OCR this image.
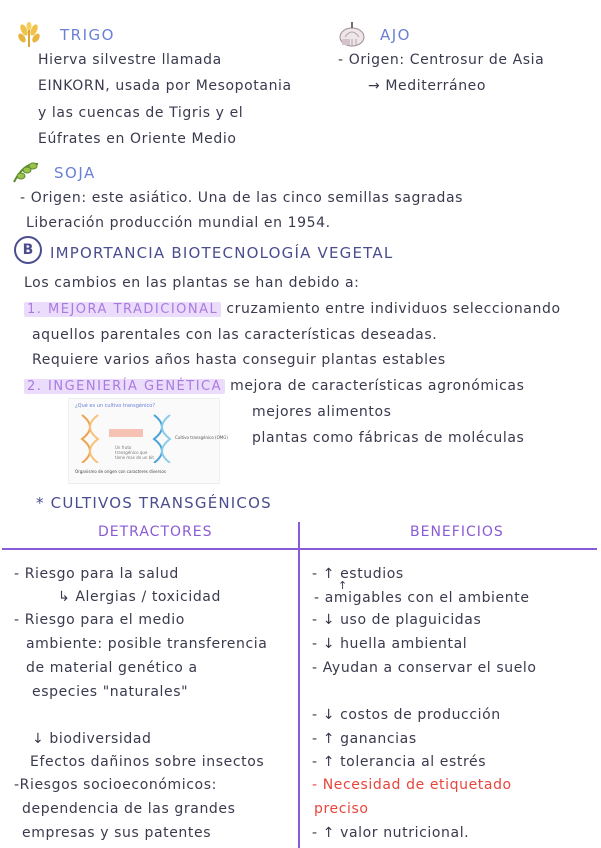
TRIGO
Hierva silvestre llamada
EINKORN, usada por Mesopotania
y las cuencas de Tigris y el
Eúfrates en Oriente Medio
AJO
- Origen: Centrosur de Asia
→ Mediterráneo
SOJA
- Origen: este asiático. Una de las cinco semillas sagradas
Liberación producción mundial en 1954.
B	IMPORTANCIA BIOTECNOLOGÍA VEGETAL
Los cambios en las plantas se han debido a:
1. MEJORA TRADICIONAL cruzamiento entre individuos seleccionando
aquellos parentales con las características deseadas.
Requiere varios años hasta conseguir plantas estables
2. INGENIERÍA GENÉTICA mejora de características agronómicas
mejores alimentos
plantas como fábricas de moléculas
¿Qué es un cultivo transgénico?
Un fruto transgénico que tiene mas de un bit
Cultivo transgénico (OMG)
Organismo de origen con caracteres diversos
* CULTIVOS TRANSGÉNICOS
DETRACTORES	BENEFICIOS
- Riesgo para la salud
↳ Alergias / toxicidad
- Riesgo para el medio
ambiente: posible transferencia
de material genético a
especies "naturales"
↓ biodiversidad
Efectos dañinos sobre insectos
-Riesgos socioeconómicos:
dependencia de las grandes
empresas y sus patentes
- ↑ estudios
↑
- amigables con el ambiente
- ↓ uso de plaguicidas
- ↓ huella ambiental
- Ayudan a conservar el suelo
- ↓ costos de producción
- ↑ ganancias
- ↑ tolerancia al estrés
- Necesidad de etiquetado
preciso
- ↑ valor nutricional.
